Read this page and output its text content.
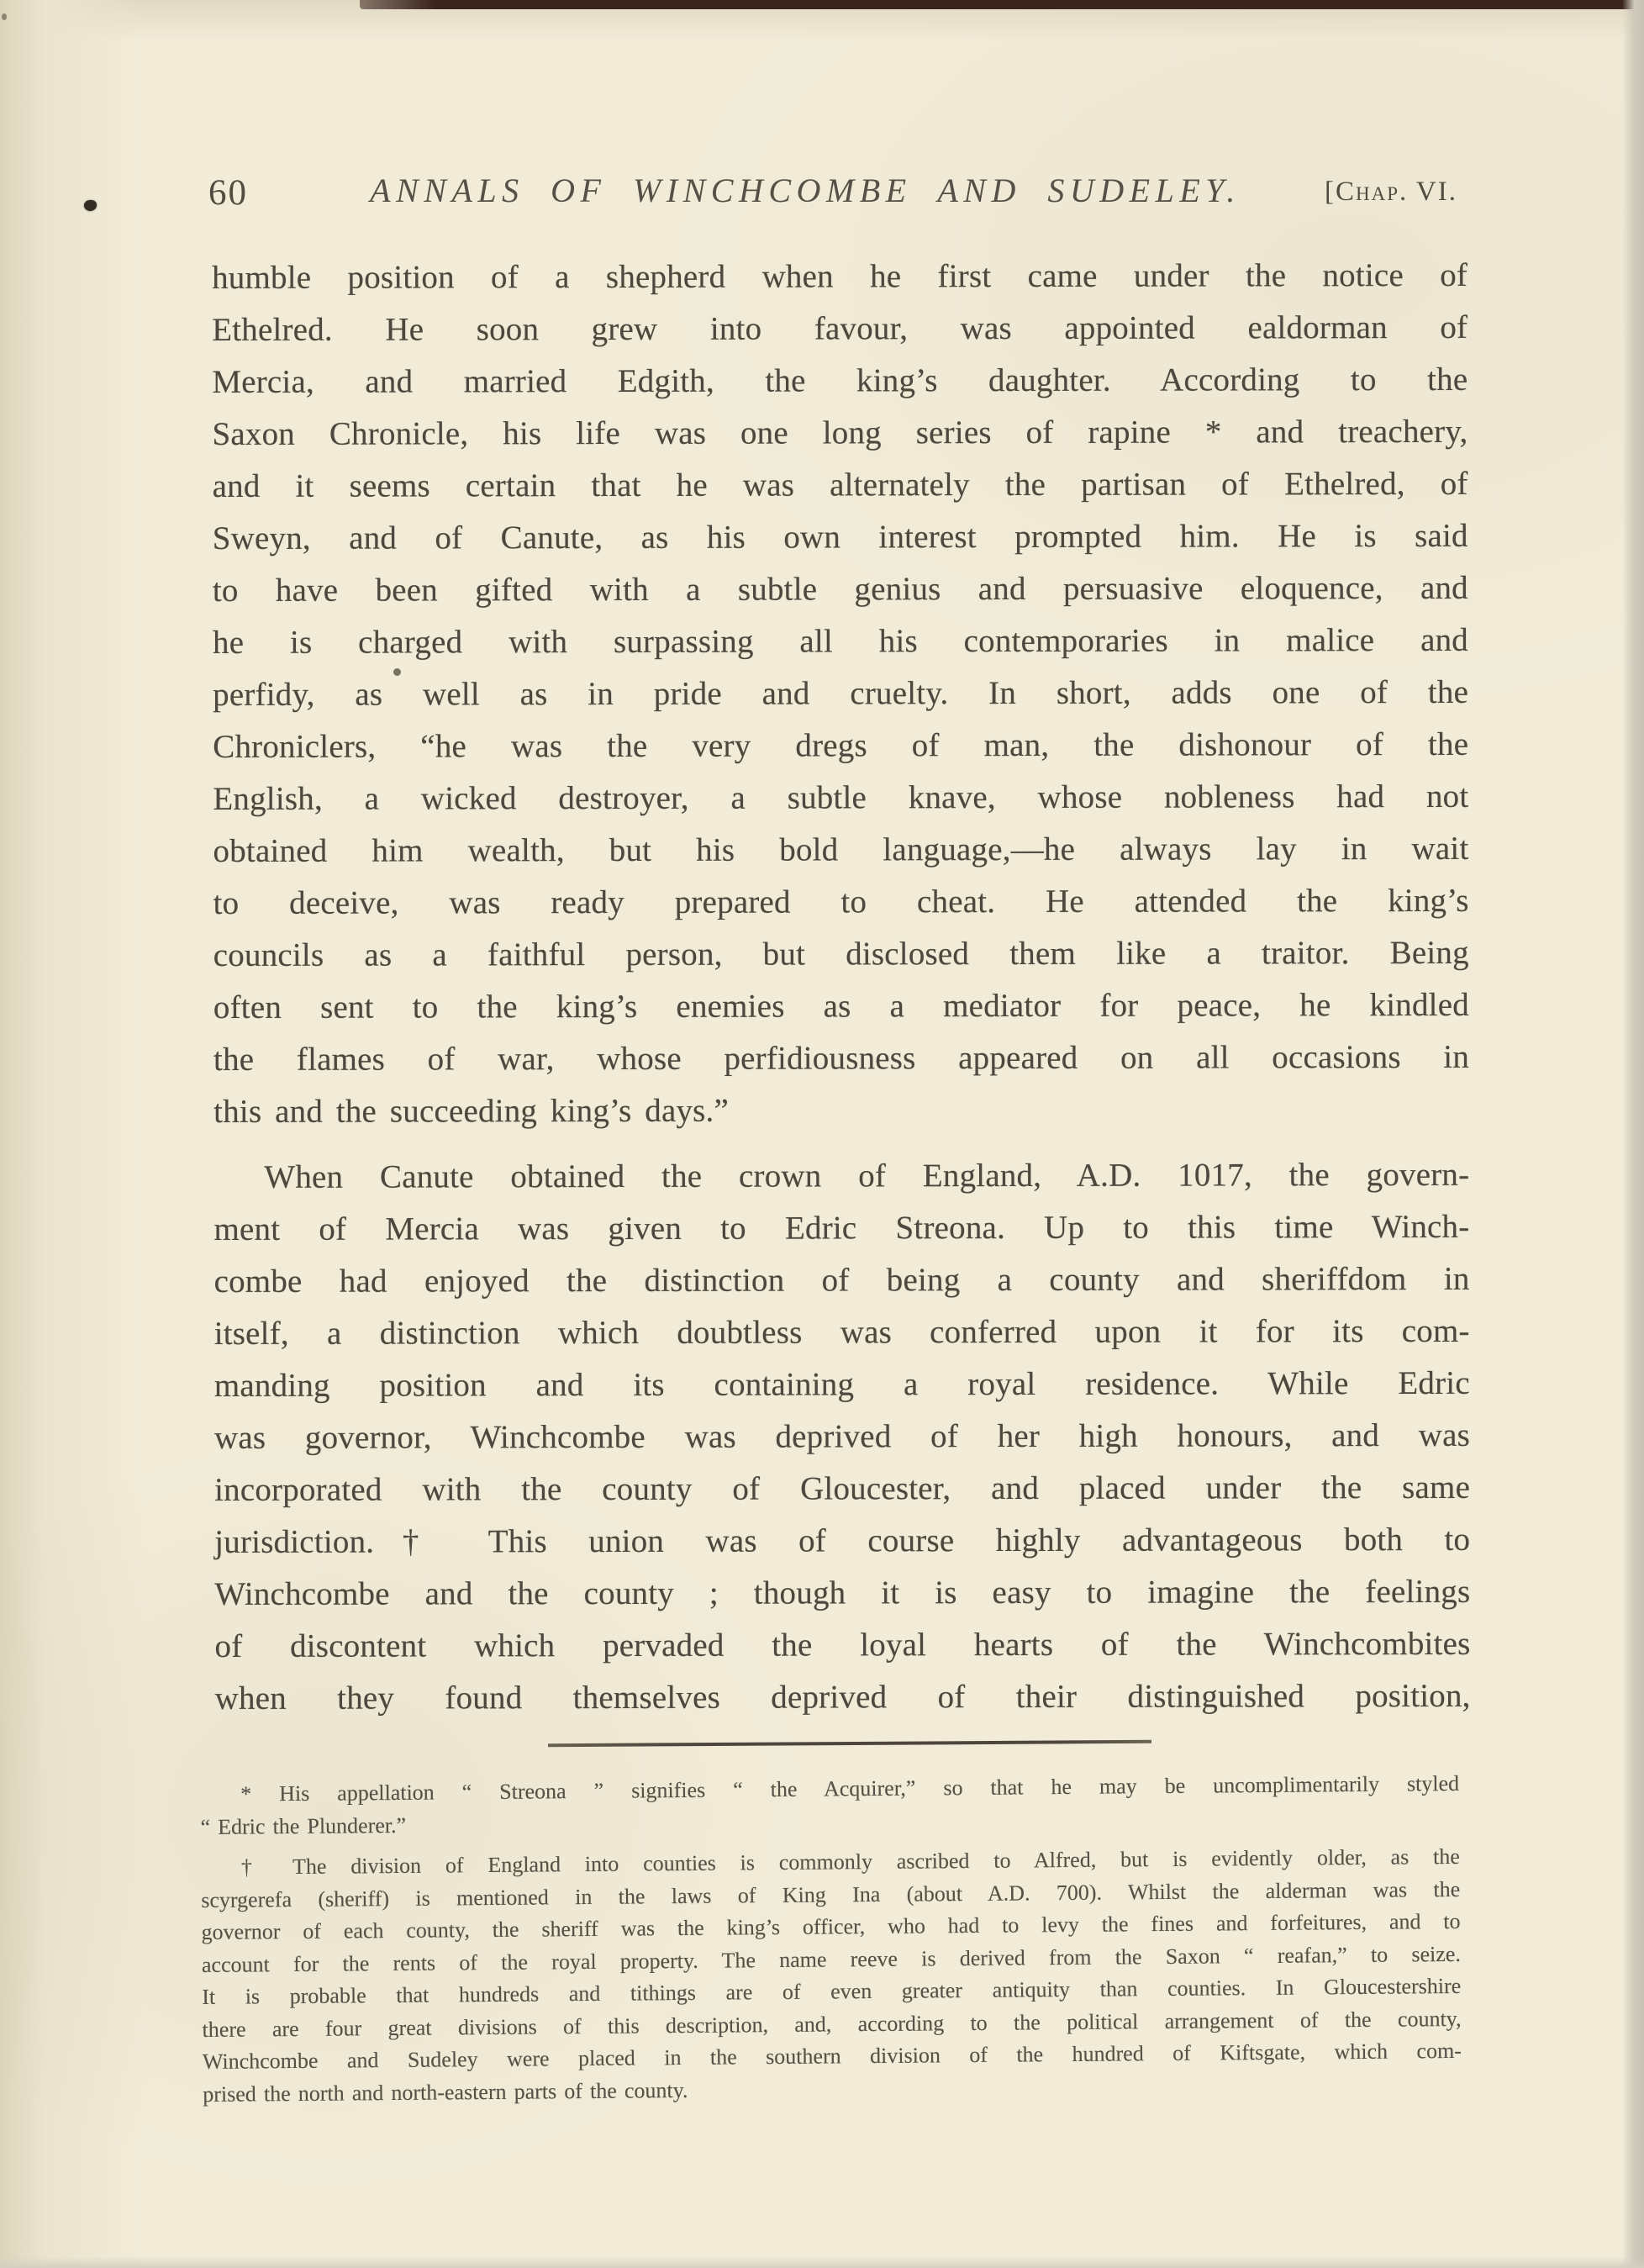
60	ANNALS OF WINCHCOMBE AND SUDELEY.	[Chap. VI.
humble position of a shepherd when he first came under the notice of
Ethelred. He soon grew into favour, was appointed ealdorman of
Mercia, and married Edgith, the king’s daughter. According to the
Saxon Chronicle, his life was one long series of rapine * and treachery,
and it seems certain that he was alternately the partisan of Ethelred, of
Sweyn, and of Canute, as his own interest prompted him. He is said
to have been gifted with a subtle genius and persuasive eloquence, and
he is charged with surpassing all his contemporaries in malice and
perfidy, as well as in pride and cruelty. In short, adds one of the
Chroniclers, “he was the very dregs of man, the dishonour of the
English, a wicked destroyer, a subtle knave, whose nobleness had not
obtained him wealth, but his bold language,—he always lay in wait
to deceive, was ready prepared to cheat. He attended the king’s
councils as a faithful person, but disclosed them like a traitor. Being
often sent to the king’s enemies as a mediator for peace, he kindled
the flames of war, whose perfidiousness appeared on all occasions in
this and the succeeding king’s days.”
When Canute obtained the crown of England, A.D. 1017, the govern-
ment of Mercia was given to Edric Streona. Up to this time Winch-
combe had enjoyed the distinction of being a county and sheriffdom in
itself, a distinction which doubtless was conferred upon it for its com-
manding position and its containing a royal residence. While Edric
was governor, Winchcombe was deprived of her high honours, and was
incorporated with the county of Gloucester, and placed under the same
jurisdiction.† This union was of course highly advantageous both to
Winchcombe and the county ; though it is easy to imagine the feelings
of discontent which pervaded the loyal hearts of the Winchcombites
when they found themselves deprived of their distinguished position,
* His appellation “ Streona ” signifies “ the Acquirer,” so that he may be uncomplimentarily styled
“ Edric the Plunderer.”
† The division of England into counties is commonly ascribed to Alfred, but is evidently older, as the
scyrgerefa (sheriff) is mentioned in the laws of King Ina (about A.D. 700). Whilst the alderman was the
governor of each county, the sheriff was the king’s officer, who had to levy the fines and forfeitures, and to
account for the rents of the royal property. The name reeve is derived from the Saxon “ reafan,” to seize.
It is probable that hundreds and tithings are of even greater antiquity than counties. In Gloucestershire
there are four great divisions of this description, and, according to the political arrangement of the county,
Winchcombe and Sudeley were placed in the southern division of the hundred of Kiftsgate, which com-
prised the north and north-eastern parts of the county.
